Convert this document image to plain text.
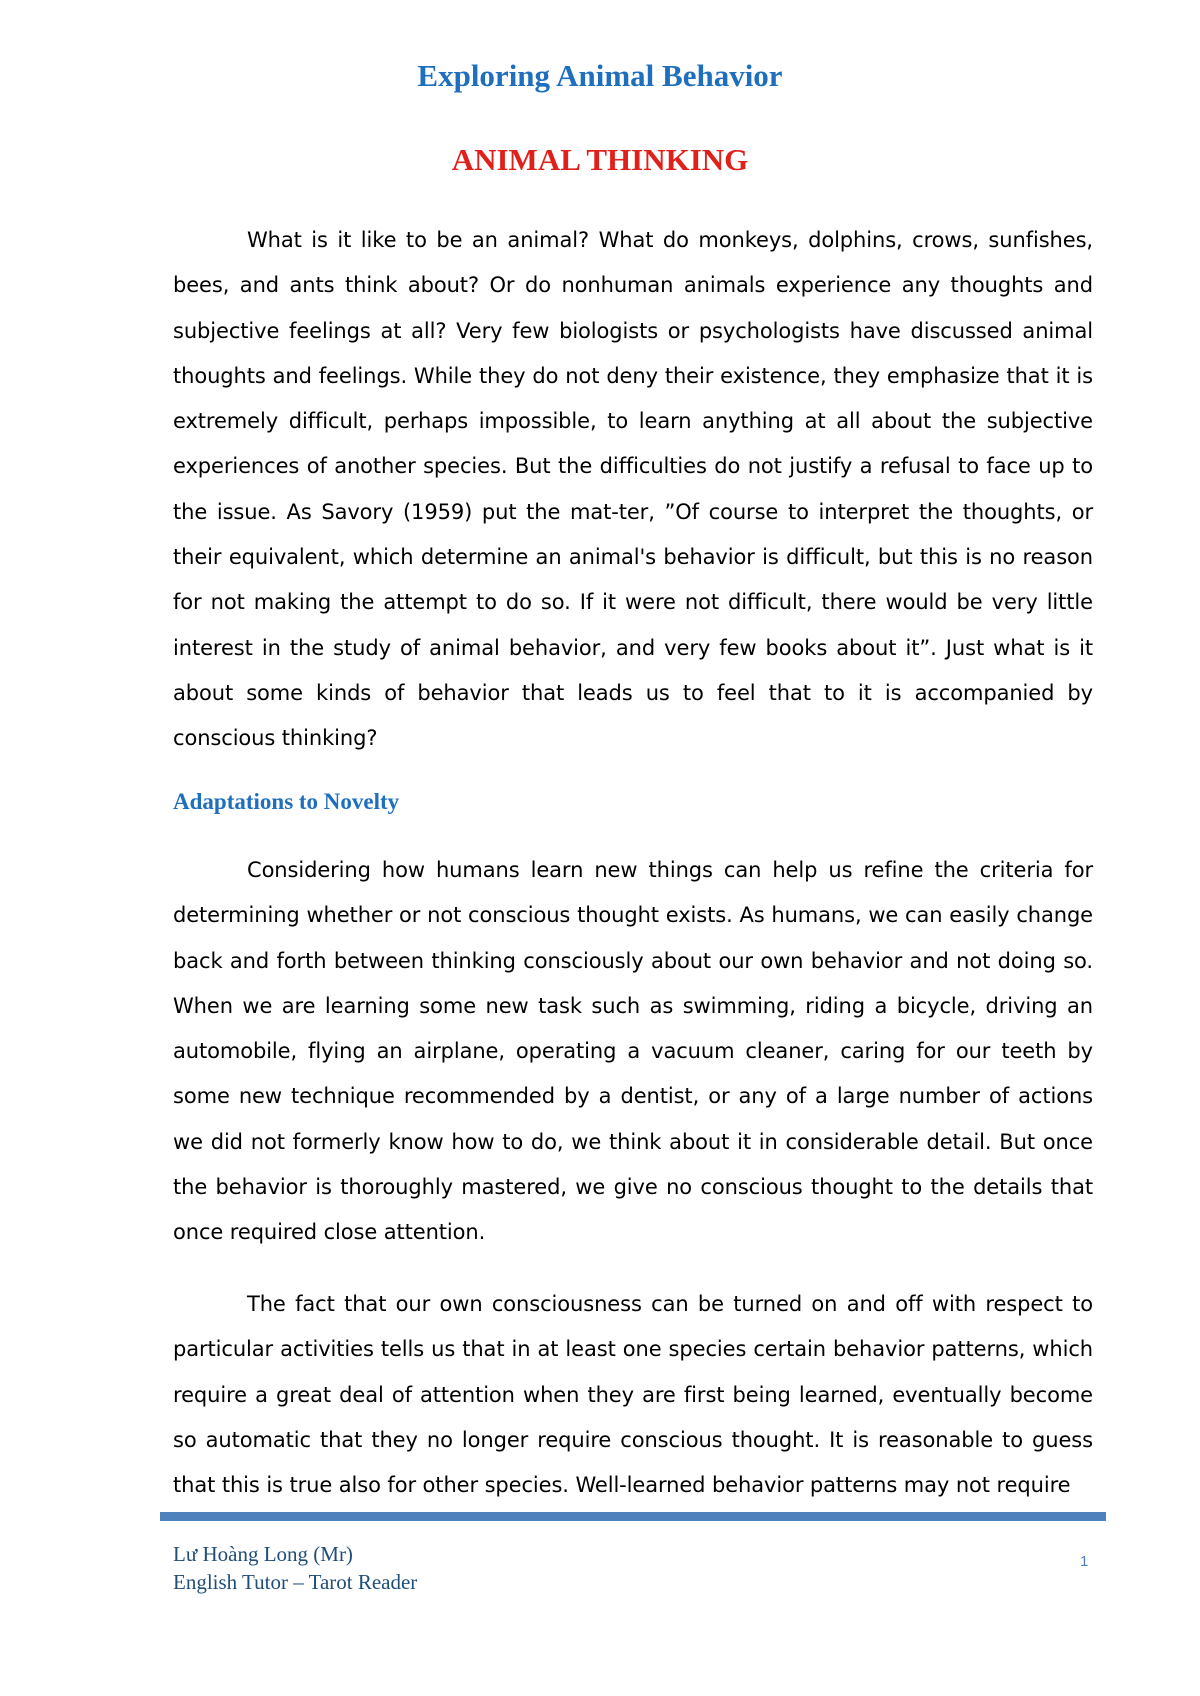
Exploring Animal Behavior
ANIMAL THINKING

What is it like to be an animal? What do monkeys, dolphins, crows, sunfishes, bees, and ants think about? Or do nonhuman animals experience any thoughts and subjective feelings at all? Very few biologists or psychologists have discussed animal thoughts and feelings. While they do not deny their existence, they emphasize that it is extremely difficult, perhaps impossible, to learn anything at all about the subjective experiences of another species. But the difficulties do not justify a refusal to face up to the issue. As Savory (1959) put the mat-ter, ”Of course to interpret the thoughts, or their equivalent, which determine an animal's behavior is difficult, but this is no reason for not making the attempt to do so. If it were not difficult, there would be very little interest in the study of animal behavior, and very few books about it”. Just what is it about some kinds of behavior that leads us to feel that to it is accompanied by conscious thinking?

Adaptations to Novelty

Considering how humans learn new things can help us refine the criteria for determining whether or not conscious thought exists. As humans, we can easily change back and forth between thinking consciously about our own behavior and not doing so. When we are learning some new task such as swimming, riding a bicycle, driving an automobile, flying an airplane, operating a vacuum cleaner, caring for our teeth by some new technique recommended by a dentist, or any of a large number of actions we did not formerly know how to do, we think about it in considerable detail. But once the behavior is thoroughly mastered, we give no conscious thought to the details that once required close attention.

The fact that our own consciousness can be turned on and off with respect to particular activities tells us that in at least one species certain behavior patterns, which require a great deal of attention when they are first being learned, eventually become so automatic that they no longer require conscious thought. It is reasonable to guess that this is true also for other species. Well-learned behavior patterns may not require

Lư Hoàng Long (Mr)
English Tutor – Tarot Reader
1
